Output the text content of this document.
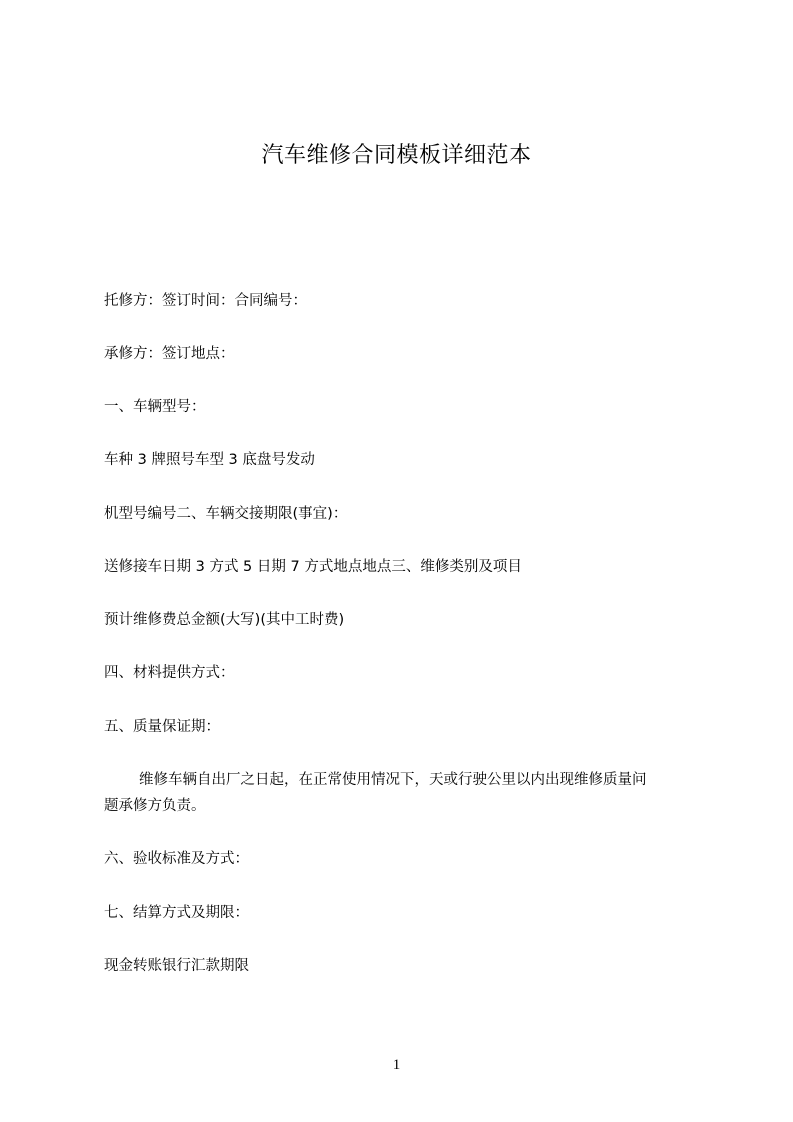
汽车维修合同模板详细范本
托修方：签订时间：合同编号：
承修方：签订地点：
一、车辆型号：
车种 3 牌照号车型 3 底盘号发动
机型号编号二、车辆交接期限(事宜)：
送修接车日期 3 方式 5 日期 7 方式地点地点三、维修类别及项目
预计维修费总金额(大写)(其中工时费)
四、材料提供方式：
五、质量保证期：
维修车辆自出厂之日起，在正常使用情况下，天或行驶公里以内出现维修质量问
题承修方负责。
六、验收标准及方式：
七、结算方式及期限：
现金转账银行汇款期限
1
